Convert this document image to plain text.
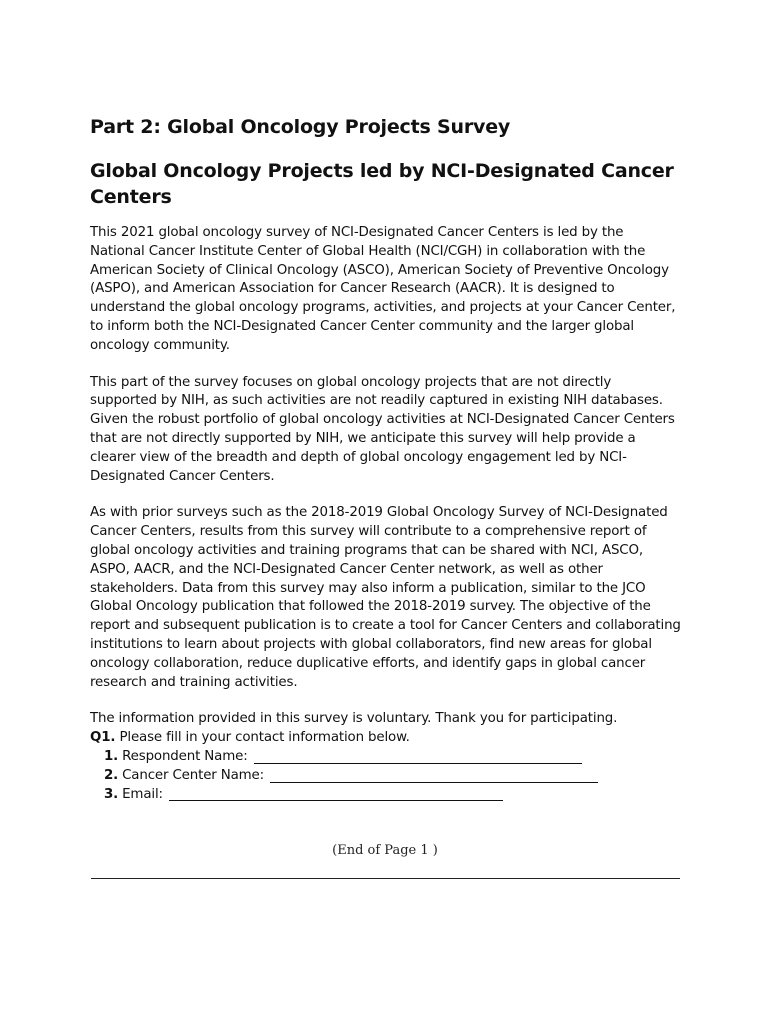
Part 2: Global Oncology Projects Survey
Global Oncology Projects led by NCI-Designated Cancer Centers

This 2021 global oncology survey of NCI-Designated Cancer Centers is led by the National Cancer Institute Center of Global Health (NCI/CGH) in collaboration with the American Society of Clinical Oncology (ASCO), American Society of Preventive Oncology (ASPO), and American Association for Cancer Research (AACR). It is designed to understand the global oncology programs, activities, and projects at your Cancer Center, to inform both the NCI-Designated Cancer Center community and the larger global oncology community.

This part of the survey focuses on global oncology projects that are not directly supported by NIH, as such activities are not readily captured in existing NIH databases. Given the robust portfolio of global oncology activities at NCI-Designated Cancer Centers that are not directly supported by NIH, we anticipate this survey will help provide a clearer view of the breadth and depth of global oncology engagement led by NCI-Designated Cancer Centers.

As with prior surveys such as the 2018-2019 Global Oncology Survey of NCI-Designated Cancer Centers, results from this survey will contribute to a comprehensive report of global oncology activities and training programs that can be shared with NCI, ASCO, ASPO, AACR, and the NCI-Designated Cancer Center network, as well as other stakeholders. Data from this survey may also inform a publication, similar to the JCO Global Oncology publication that followed the 2018-2019 survey. The objective of the report and subsequent publication is to create a tool for Cancer Centers and collaborating institutions to learn about projects with global collaborators, find new areas for global oncology collaboration, reduce duplicative efforts, and identify gaps in global cancer research and training activities.

The information provided in this survey is voluntary. Thank you for participating.

Q1. Please fill in your contact information below.
1. Respondent Name:
2. Cancer Center Name:
3. Email:
(End of Page 1 )
